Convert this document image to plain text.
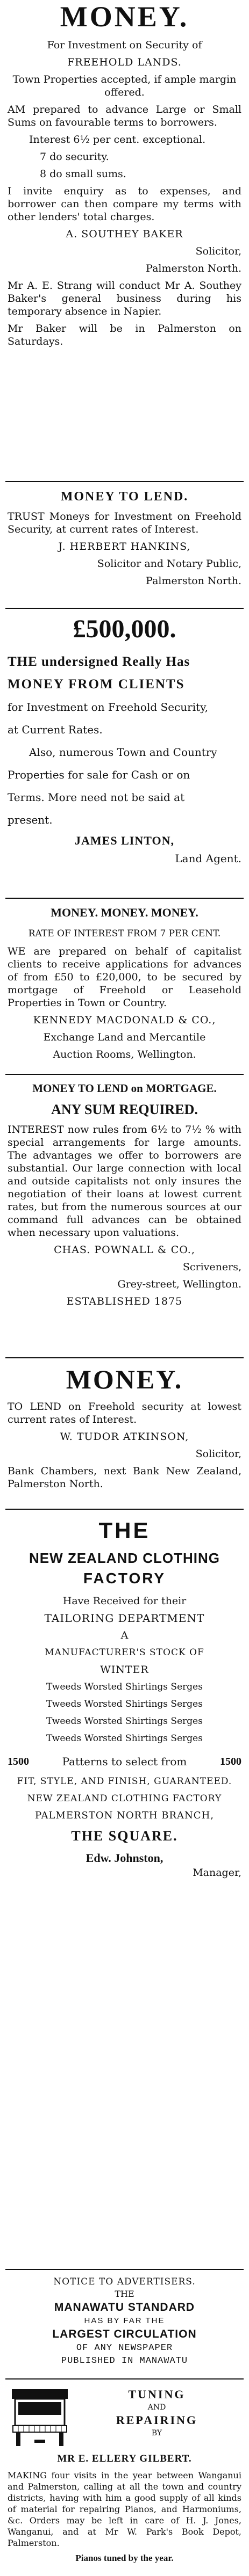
MONEY.

For Investment on Security of

FREEHOLD LANDS.

Town Properties accepted, if ample margin

offered.

AM prepared to advance Large or Small Sums on favourable terms to borrowers.

Interest 6½ per cent. exceptional.

7 do security.

8 do small sums.

I invite enquiry as to expenses, and borrower can then compare my terms with other lenders' total charges.

A. SOUTHEY BAKER

Solicitor,

Palmerston North.

Mr A. E. Strang will conduct Mr A. Southey Baker's general business during his temporary absence in Napier.

Mr Baker will be in Palmerston on Saturdays.

MONEY TO LEND.

TRUST Moneys for Investment on Freehold Security, at current rates of Interest.

J. HERBERT HANKINS,

Solicitor and Notary Public,

Palmerston North.

£500,000.

THE undersigned Really Has

MONEY FROM CLIENTS

for Investment on Freehold Security,

at Current Rates.

Also, numerous Town and Country

Properties for sale for Cash or on

Terms. More need not be said at

present.

JAMES LINTON,

Land Agent.

MONEY. MONEY. MONEY.

RATE OF INTEREST FROM 7 PER CENT.

WE are prepared on behalf of capitalist clients to receive applications for advances of from £50 to £20,000, to be secured by mortgage of Freehold or Leasehold Properties in Town or Country.

KENNEDY MACDONALD & CO.,

Exchange Land and Mercantile

Auction Rooms, Wellington.

MONEY TO LEND on MORTGAGE.

ANY SUM REQUIRED.

INTEREST now rules from 6½ to 7½ % with special arrangements for large amounts. The advantages we offer to borrowers are substantial. Our large connection with local and outside capitalists not only insures the negotiation of their loans at lowest current rates, but from the numerous sources at our command full advances can be obtained when necessary upon valuations.

CHAS. POWNALL & CO.,

Scriveners,

Grey-street, Wellington.

ESTABLISHED 1875

MONEY.

TO LEND on Freehold security at lowest current rates of Interest.

W. TUDOR ATKINSON,

Solicitor,

Bank Chambers, next Bank New Zealand, Palmerston North.

THE

NEW ZEALAND CLOTHING

FACTORY

Have Received for their

TAILORING DEPARTMENT

A

MANUFACTURER'S STOCK OF

WINTER

Tweeds Worsted Shirtings Serges

Tweeds Worsted Shirtings Serges

Tweeds Worsted Shirtings Serges

Tweeds Worsted Shirtings Serges

1500	Patterns to select from	1500

FIT, STYLE, AND FINISH, GUARANTEED.

NEW ZEALAND CLOTHING FACTORY

PALMERSTON NORTH BRANCH,

THE SQUARE.

Edw. Johnston,

Manager,

NOTICE TO ADVERTISERS.

THE

MANAWATU STANDARD

HAS BY FAR THE

LARGEST CIRCULATION

OF ANY NEWSPAPER

PUBLISHED IN MANAWATU

TUNING

AND

REPAIRING

BY

MR E. ELLERY GILBERT.

MAKING four visits in the year between Wanganui and Palmerston, calling at all the town and country districts, having with him a good supply of all kinds of material for repairing Pianos, and Harmoniums, &c. Orders may be left in care of H. J. Jones, Wanganui, and at Mr W. Park's Book Depot, Palmerston.

Pianos tuned by the year.
